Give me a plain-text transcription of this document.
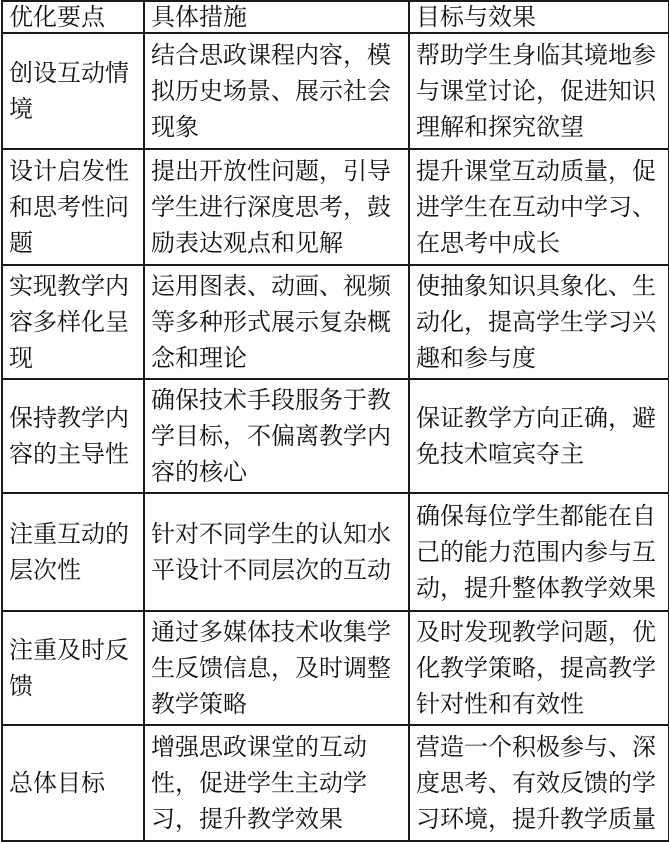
优化要点	具体措施	目标与效果
创设互动情境	结合思政课程内容，模拟历史场景、展示社会现象	帮助学生身临其境地参与课堂讨论，促进知识理解和探究欲望
设计启发性和思考性问题	提出开放性问题，引导学生进行深度思考，鼓励表达观点和见解	提升课堂互动质量，促进学生在互动中学习、在思考中成长
实现教学内容多样化呈现	运用图表、动画、视频等多种形式展示复杂概念和理论	使抽象知识具象化、生动化，提高学生学习兴趣和参与度
保持教学内容的主导性	确保技术手段服务于教学目标，不偏离教学内容的核心	保证教学方向正确，避免技术喧宾夺主
注重互动的层次性	针对不同学生的认知水平设计不同层次的互动	确保每位学生都能在自己的能力范围内参与互动，提升整体教学效果
注重及时反馈	通过多媒体技术收集学生反馈信息，及时调整教学策略	及时发现教学问题，优化教学策略，提高教学针对性和有效性
总体目标	增强思政课堂的互动性，促进学生主动学习，提升教学效果	营造一个积极参与、深度思考、有效反馈的学习环境，提升教学质量
